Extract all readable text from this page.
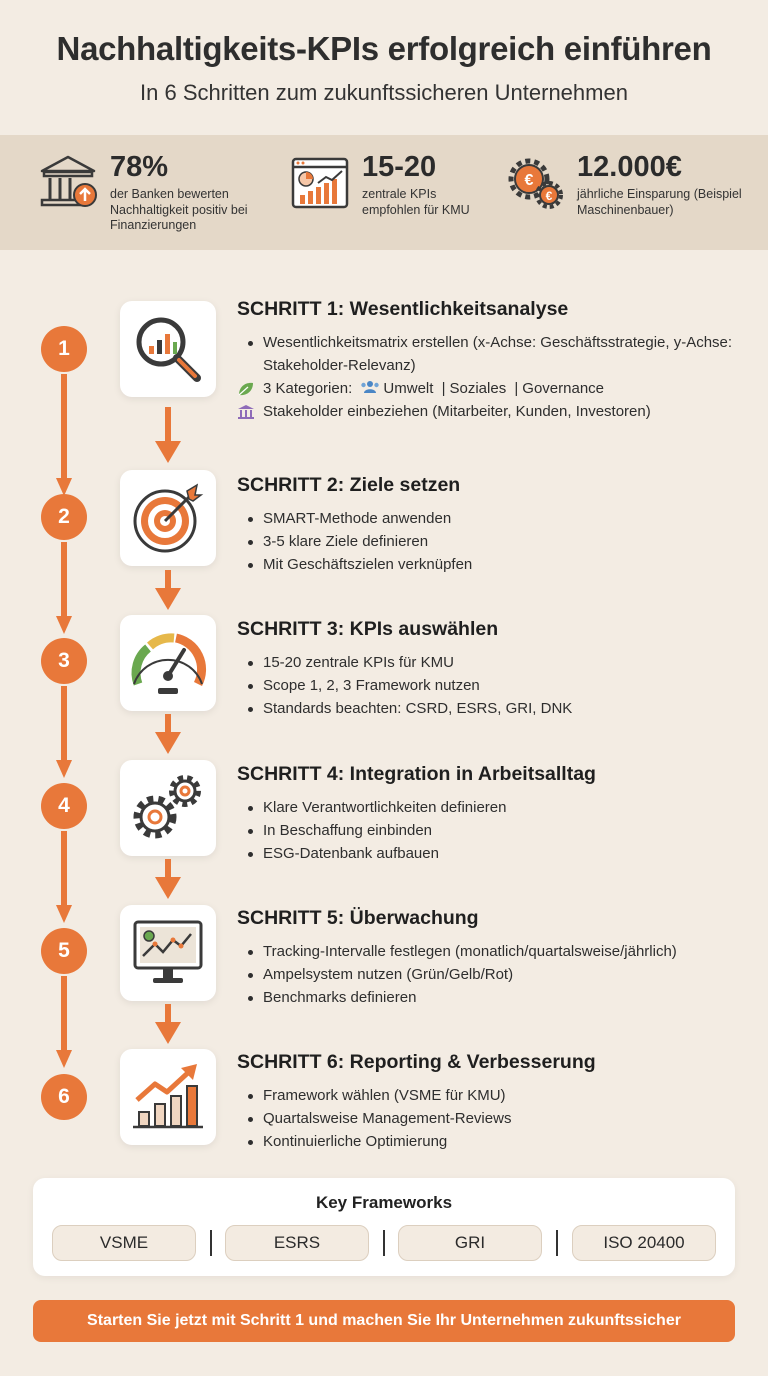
Nachhaltigkeits-KPIs erfolgreich einführen
In 6 Schritten zum zukunftssicheren Unternehmen
78%
der Banken bewerten Nachhaltigkeit positiv bei Finanzierungen
15-20
zentrale KPIs empfohlen für KMU
€
€
12.000€
jährliche Einsparung (Beispiel Maschinenbauer)
1
2
3
4
5
6
SCHRITT 1: Wesentlichkeitsanalyse
Wesentlichkeitsmatrix erstellen (x-Achse: Geschäftsstrategie, y-Achse: Stakeholder-Relevanz)
3 Kategorien: Umwelt | Soziales | Governance
Stakeholder einbeziehen (Mitarbeiter, Kunden, Investoren)
SCHRITT 2: Ziele setzen
SMART-Methode anwenden
3-5 klare Ziele definieren
Mit Geschäftszielen verknüpfen
SCHRITT 3: KPIs auswählen
15-20 zentrale KPIs für KMU
Scope 1, 2, 3 Framework nutzen
Standards beachten: CSRD, ESRS, GRI, DNK
SCHRITT 4: Integration in Arbeitsalltag
Klare Verantwortlichkeiten definieren
In Beschaffung einbinden
ESG-Datenbank aufbauen
SCHRITT 5: Überwachung
Tracking-Intervalle festlegen (monatlich/quartalsweise/jährlich)
Ampelsystem nutzen (Grün/Gelb/Rot)
Benchmarks definieren
SCHRITT 6: Reporting & Verbesserung
Framework wählen (VSME für KMU)
Quartalsweise Management-Reviews
Kontinuierliche Optimierung
Key Frameworks
VSME	ESRS	GRI	ISO 20400
Starten Sie jetzt mit Schritt 1 und machen Sie Ihr Unternehmen zukunftssicher
